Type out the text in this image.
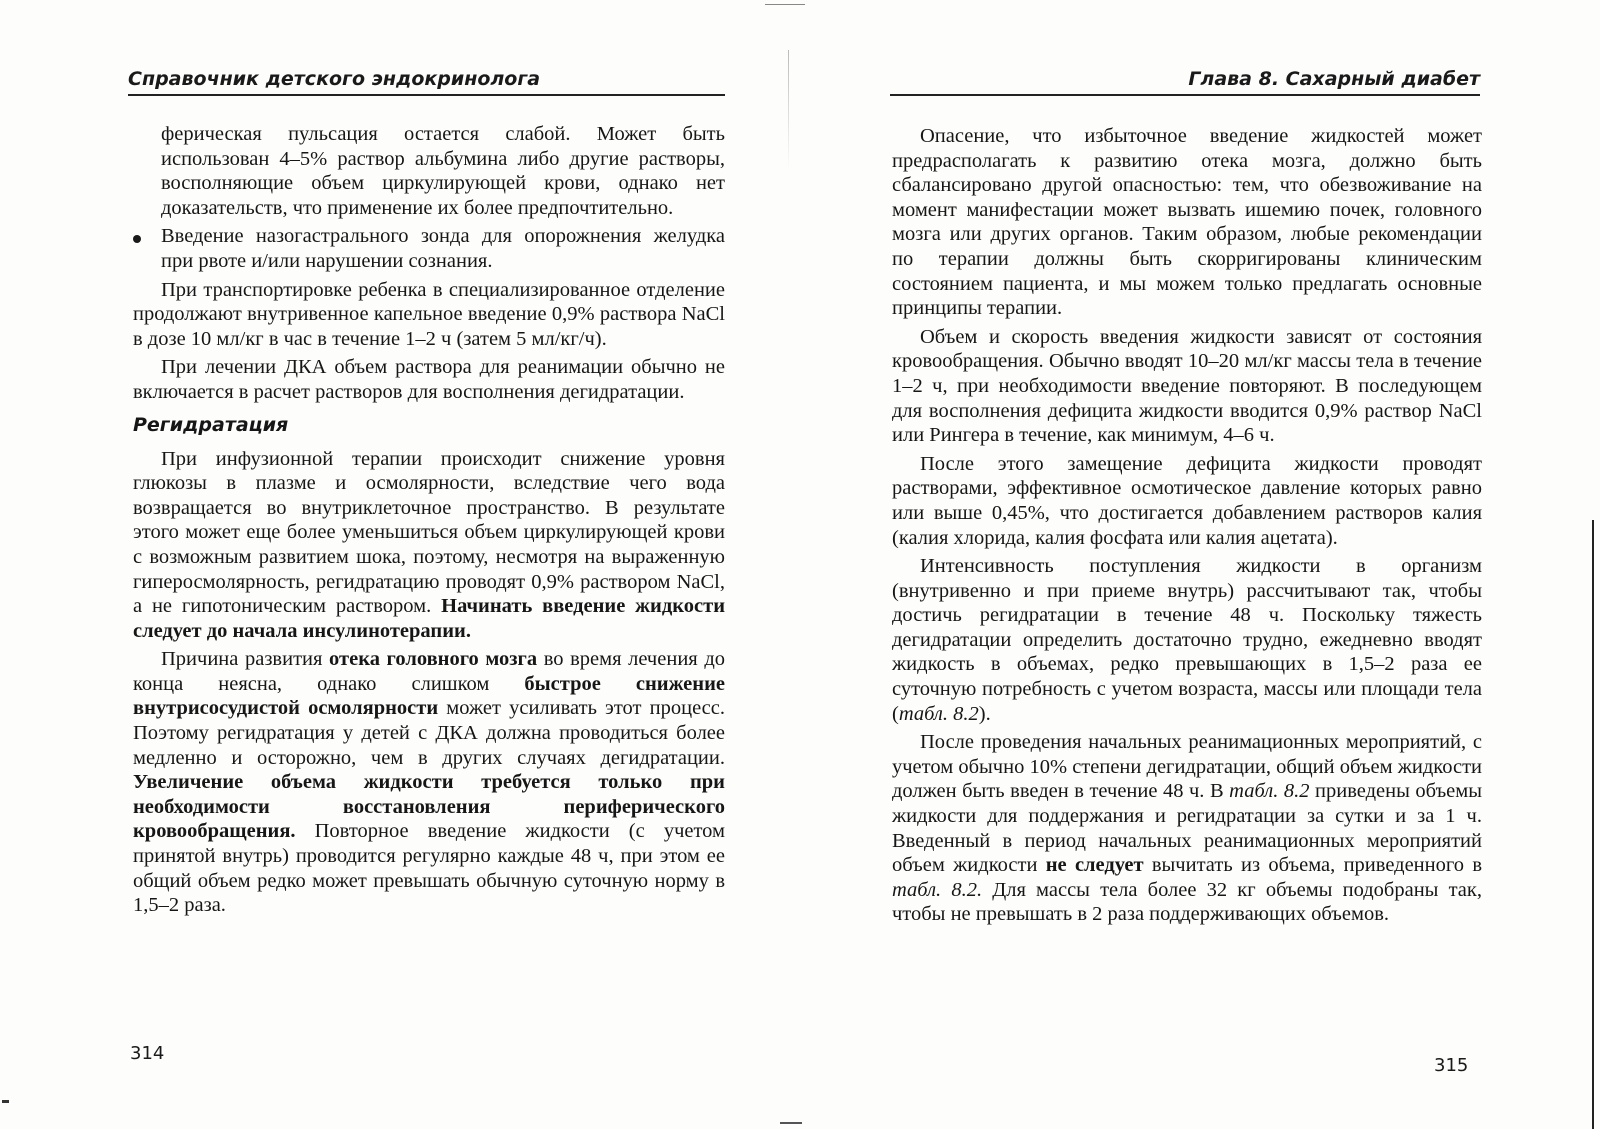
Справочник детского эндокринолога

ферическая пульсация остается слабой. Может быть использован 4–5% раствор альбумина либо другие растворы, восполняющие объем циркулирующей крови, однако нет доказательств, что применение их более предпочтительно.

Введение назогастрального зонда для опорожнения желудка при рвоте и/или нарушении сознания.

При транспортировке ребенка в специализированное отделение продолжают внутривенное капельное введение 0,9% раствора NaCl в дозе 10 мл/кг в час в течение 1–2 ч (затем 5 мл/кг/ч).

При лечении ДКА объем раствора для реанимации обычно не включается в расчет растворов для восполнения дегидратации.

Регидратация

При инфузионной терапии происходит снижение уровня глюкозы в плазме и осмолярности, вследствие чего вода возвращается во внутриклеточное пространство. В результате этого может еще более уменьшиться объем циркулирующей крови с возможным развитием шока, поэтому, несмотря на выраженную гиперосмолярность, регидратацию проводят 0,9% раствором NaCl, а не гипотоническим раствором. Начинать введение жидкости следует до начала инсулинотерапии.

Причина развития отека головного мозга во время лечения до конца неясна, однако слишком быстрое снижение внутрисосудистой осмолярности может усиливать этот процесс. Поэтому регидратация у детей с ДКА должна проводиться более медленно и осторожно, чем в других случаях дегидратации. Увеличение объема жидкости требуется только при необходимости восстановления периферического кровообращения. Повторное введение жидкости (с учетом принятой внутрь) проводится регулярно каждые 48 ч, при этом ее общий объем редко может превышать обычную суточную норму в 1,5–2 раза.

314
Глава 8. Сахарный диабет

Опасение, что избыточное введение жидкостей может предрасполагать к развитию отека мозга, должно быть сбалансировано другой опасностью: тем, что обезвоживание на момент манифестации может вызвать ишемию почек, головного мозга или других органов. Таким образом, любые рекомендации по терапии должны быть скорригированы клиническим состоянием пациента, и мы можем только предлагать основные принципы терапии.

Объем и скорость введения жидкости зависят от состояния кровообращения. Обычно вводят 10–20 мл/кг массы тела в течение 1–2 ч, при необходимости введение повторяют. В последующем для восполнения дефицита жидкости вводится 0,9% раствор NaCl или Рингера в течение, как минимум, 4–6 ч.

После этого замещение дефицита жидкости проводят растворами, эффективное осмотическое давление которых равно или выше 0,45%, что достигается добавлением растворов калия (калия хлорида, калия фосфата или калия ацетата).

Интенсивность поступления жидкости в организм (внутривенно и при приеме внутрь) рассчитывают так, чтобы достичь регидратации в течение 48 ч. Поскольку тяжесть дегидратации определить достаточно трудно, ежедневно вводят жидкость в объемах, редко превышающих в 1,5–2 раза ее суточную потребность с учетом возраста, массы или площади тела (табл. 8.2).

После проведения начальных реанимационных мероприятий, с учетом обычно 10% степени дегидратации, общий объем жидкости должен быть введен в течение 48 ч. В табл. 8.2 приведены объемы жидкости для поддержания и регидратации за сутки и за 1 ч. Введенный в период начальных реанимационных мероприятий объем жидкости не следует вычитать из объема, приведенного в табл. 8.2. Для массы тела более 32 кг объемы подобраны так, чтобы не превышать в 2 раза поддерживающих объемов.

315
